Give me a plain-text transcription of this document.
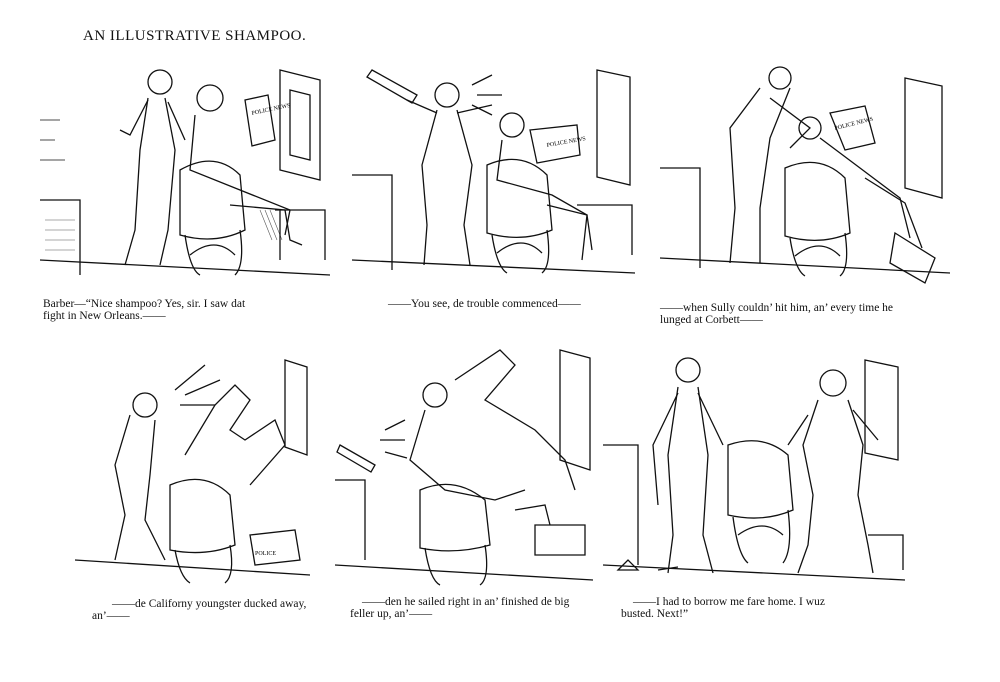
AN ILLUSTRATIVE SHAMPOO.
POLICE NEWS
Barber—“Nice shampoo? Yes, sir. I saw dat
fight in New Orleans.——
POLICE NEWS
——You see, de trouble commenced——
POLICE NEWS
——when Sully couldn’ hit him, an’ every time he
lunged at Corbett——
POLICE
——de Californy youngster ducked away,
an’——
——den he sailed right in an’ finished de big
feller up, an’——
——I had to borrow me fare home. I wuz
busted. Next!”
